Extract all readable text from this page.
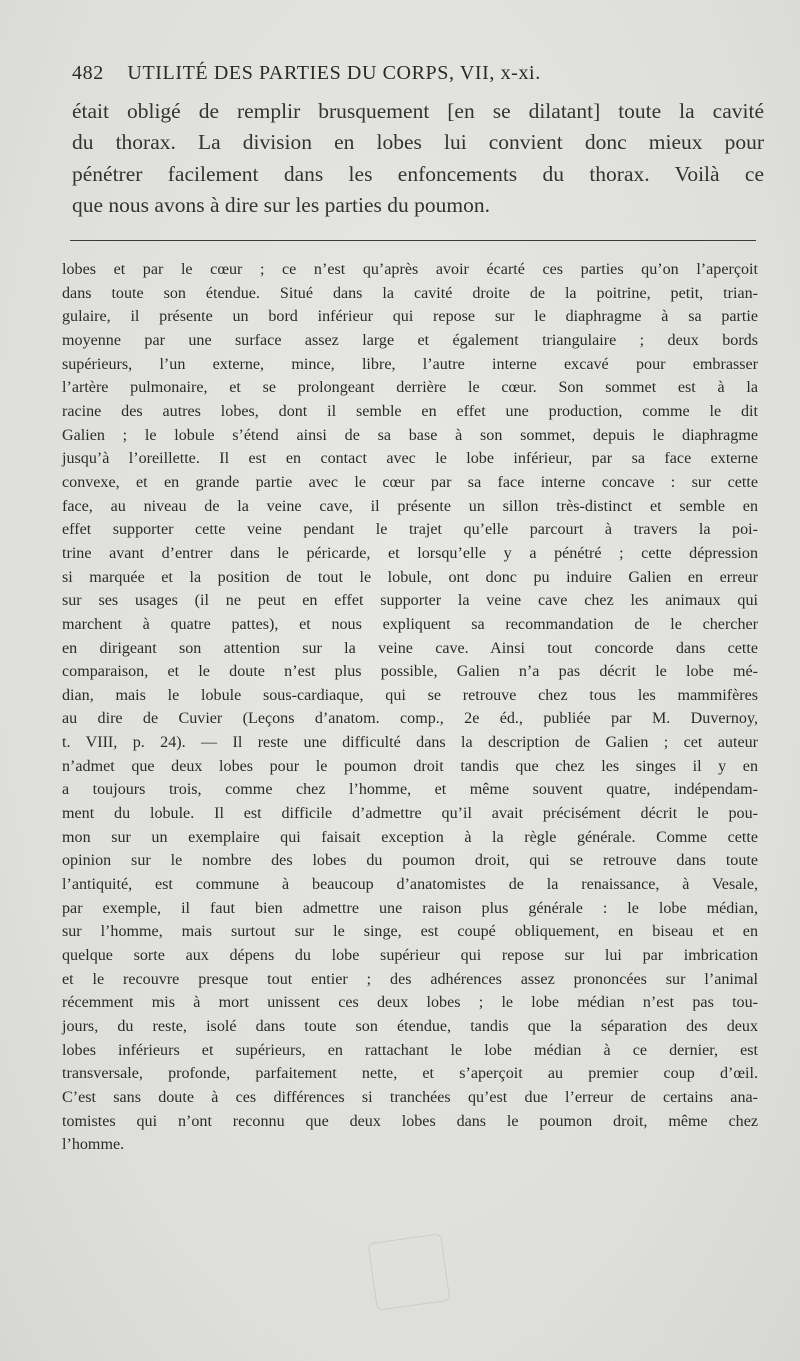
482 UTILITÉ DES PARTIES DU CORPS, VII, x-xi.
était obligé de remplir brusquement [en se dilatant] toute la cavité
du thorax. La division en lobes lui convient donc mieux pour
pénétrer facilement dans les enfoncements du thorax. Voilà ce
que nous avons à dire sur les parties du poumon.
lobes et par le cœur ; ce n’est qu’après avoir écarté ces parties qu’on l’aperçoit
dans toute son étendue. Situé dans la cavité droite de la poitrine, petit, trian-
gulaire, il présente un bord inférieur qui repose sur le diaphragme à sa partie
moyenne par une surface assez large et également triangulaire ; deux bords
supérieurs, l’un externe, mince, libre, l’autre interne excavé pour embrasser
l’artère pulmonaire, et se prolongeant derrière le cœur. Son sommet est à la
racine des autres lobes, dont il semble en effet une production, comme le dit
Galien ; le lobule s’étend ainsi de sa base à son sommet, depuis le diaphragme
jusqu’à l’oreillette. Il est en contact avec le lobe inférieur, par sa face externe
convexe, et en grande partie avec le cœur par sa face interne concave : sur cette
face, au niveau de la veine cave, il présente un sillon très-distinct et semble en
effet supporter cette veine pendant le trajet qu’elle parcourt à travers la poi-
trine avant d’entrer dans le péricarde, et lorsqu’elle y a pénétré ; cette dépression
si marquée et la position de tout le lobule, ont donc pu induire Galien en erreur
sur ses usages (il ne peut en effet supporter la veine cave chez les animaux qui
marchent à quatre pattes), et nous expliquent sa recommandation de le chercher
en dirigeant son attention sur la veine cave. Ainsi tout concorde dans cette
comparaison, et le doute n’est plus possible, Galien n’a pas décrit le lobe mé-
dian, mais le lobule sous-cardiaque, qui se retrouve chez tous les mammifères
au dire de Cuvier (Leçons d’anatom. comp., 2e éd., publiée par M. Duvernoy,
t. VIII, p. 24). — Il reste une difficulté dans la description de Galien ; cet auteur
n’admet que deux lobes pour le poumon droit tandis que chez les singes il y en
a toujours trois, comme chez l’homme, et même souvent quatre, indépendam-
ment du lobule. Il est difficile d’admettre qu’il avait précisément décrit le pou-
mon sur un exemplaire qui faisait exception à la règle générale. Comme cette
opinion sur le nombre des lobes du poumon droit, qui se retrouve dans toute
l’antiquité, est commune à beaucoup d’anatomistes de la renaissance, à Vesale,
par exemple, il faut bien admettre une raison plus générale : le lobe médian,
sur l’homme, mais surtout sur le singe, est coupé obliquement, en biseau et en
quelque sorte aux dépens du lobe supérieur qui repose sur lui par imbrication
et le recouvre presque tout entier ; des adhérences assez prononcées sur l’animal
récemment mis à mort unissent ces deux lobes ; le lobe médian n’est pas tou-
jours, du reste, isolé dans toute son étendue, tandis que la séparation des deux
lobes inférieurs et supérieurs, en rattachant le lobe médian à ce dernier, est
transversale, profonde, parfaitement nette, et s’aperçoit au premier coup d’œil.
C’est sans doute à ces différences si tranchées qu’est due l’erreur de certains ana-
tomistes qui n’ont reconnu que deux lobes dans le poumon droit, même chez
l’homme.
